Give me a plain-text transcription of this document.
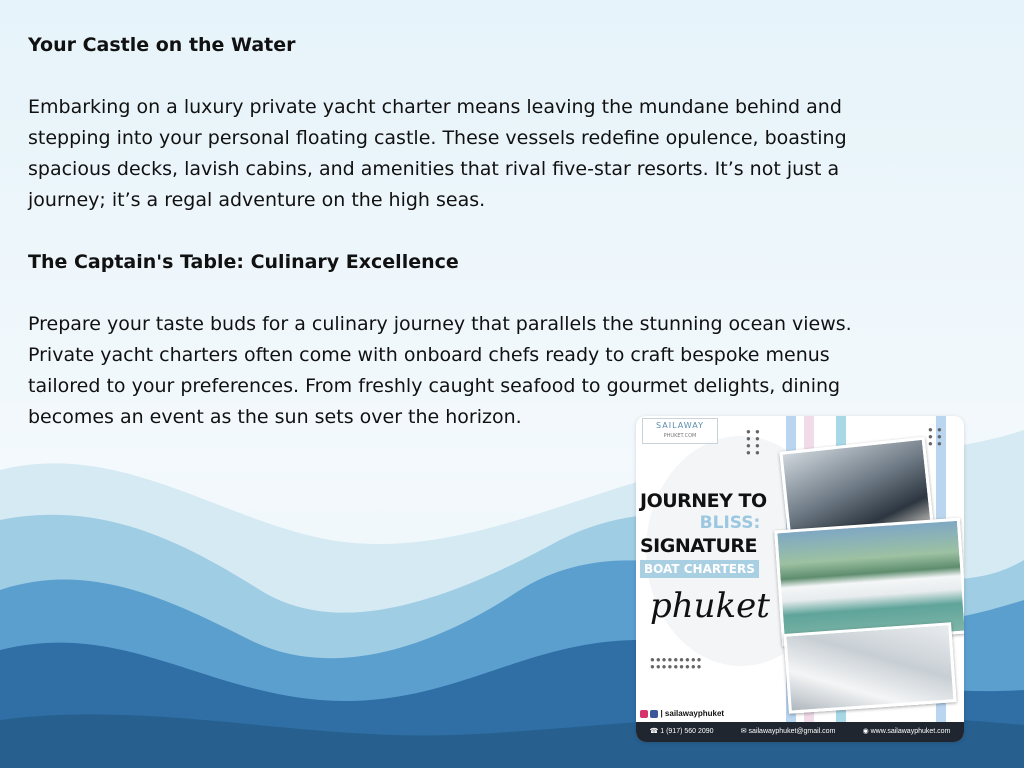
Your Castle on the Water

Embarking on a luxury private yacht charter means leaving the mundane behind and

stepping into your personal floating castle. These vessels redefine opulence, boasting

spacious decks, lavish cabins, and amenities that rival five-star resorts. It’s not just a

journey; it’s a regal adventure on the high seas.

The Captain's Table: Culinary Excellence

Prepare your taste buds for a culinary journey that parallels the stunning ocean views.

Private yacht charters often come with onboard chefs ready to craft bespoke menus

tailored to your preferences. From freshly caught seafood to gourmet delights, dining

becomes an event as the sun sets over the horizon.	SAILAWAY
PHUKET.COM	● ●
● ●
● ●
● ●
●●●●●●●●●
●●●●●●●●●
● ●
● ●
● ●
JOURNEY TO
BLISS:
SIGNATURE
BOAT CHARTERS
phuket
| sailawayphuket
☎ 1 (917) 560 2090	✉ sailawayphuket@gmail.com	◉ www.sailawayphuket.com
